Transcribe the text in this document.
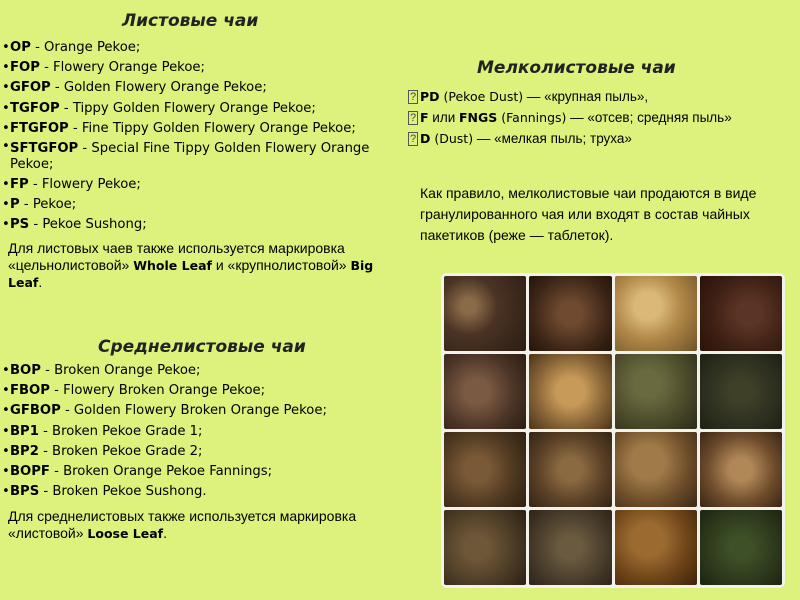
Листовые чаи
• OP - Orange Pekoe;
• FOP - Flowery Orange Pekoe;
• GFOP - Golden Flowery Orange Pekoe;
• TGFOP - Tippy Golden Flowery Orange Pekoe;
• FTGFOP - Fine Tippy Golden Flowery Orange Pekoe;
• SFTGFOP - Special Fine Tippy Golden Flowery Orange Pekoe;
• FP - Flowery Pekoe;
• P - Pekoe;
• PS - Pekoe Sushong;
Для листовых чаев также используется маркировка «цельнолистовой» Whole Leaf и «крупнолистовой» Big Leaf.
Среднелистовые чаи
• BOP - Broken Orange Pekoe;
• FBOP - Flowery Broken Orange Pekoe;
• GFBOP - Golden Flowery Broken Orange Pekoe;
• BP1 - Broken Pekoe Grade 1;
• BP2 - Broken Pekoe Grade 2;
• BOPF - Broken Orange Pekoe Fannings;
• BPS - Broken Pekoe Sushong.
Для среднелистовых также используется маркировка «листовой» Loose Leaf.
Мелколистовые чаи
? PD (Pekoe Dust) — «крупная пыль»,
? F или FNGS (Fannings) — «отсев; средняя пыль»
? D (Dust) — «мелкая пыль; труха»
Как правило, мелколистовые чаи продаются в виде гранулированного чая или входят в состав чайных пакетиков (реже — таблеток).
